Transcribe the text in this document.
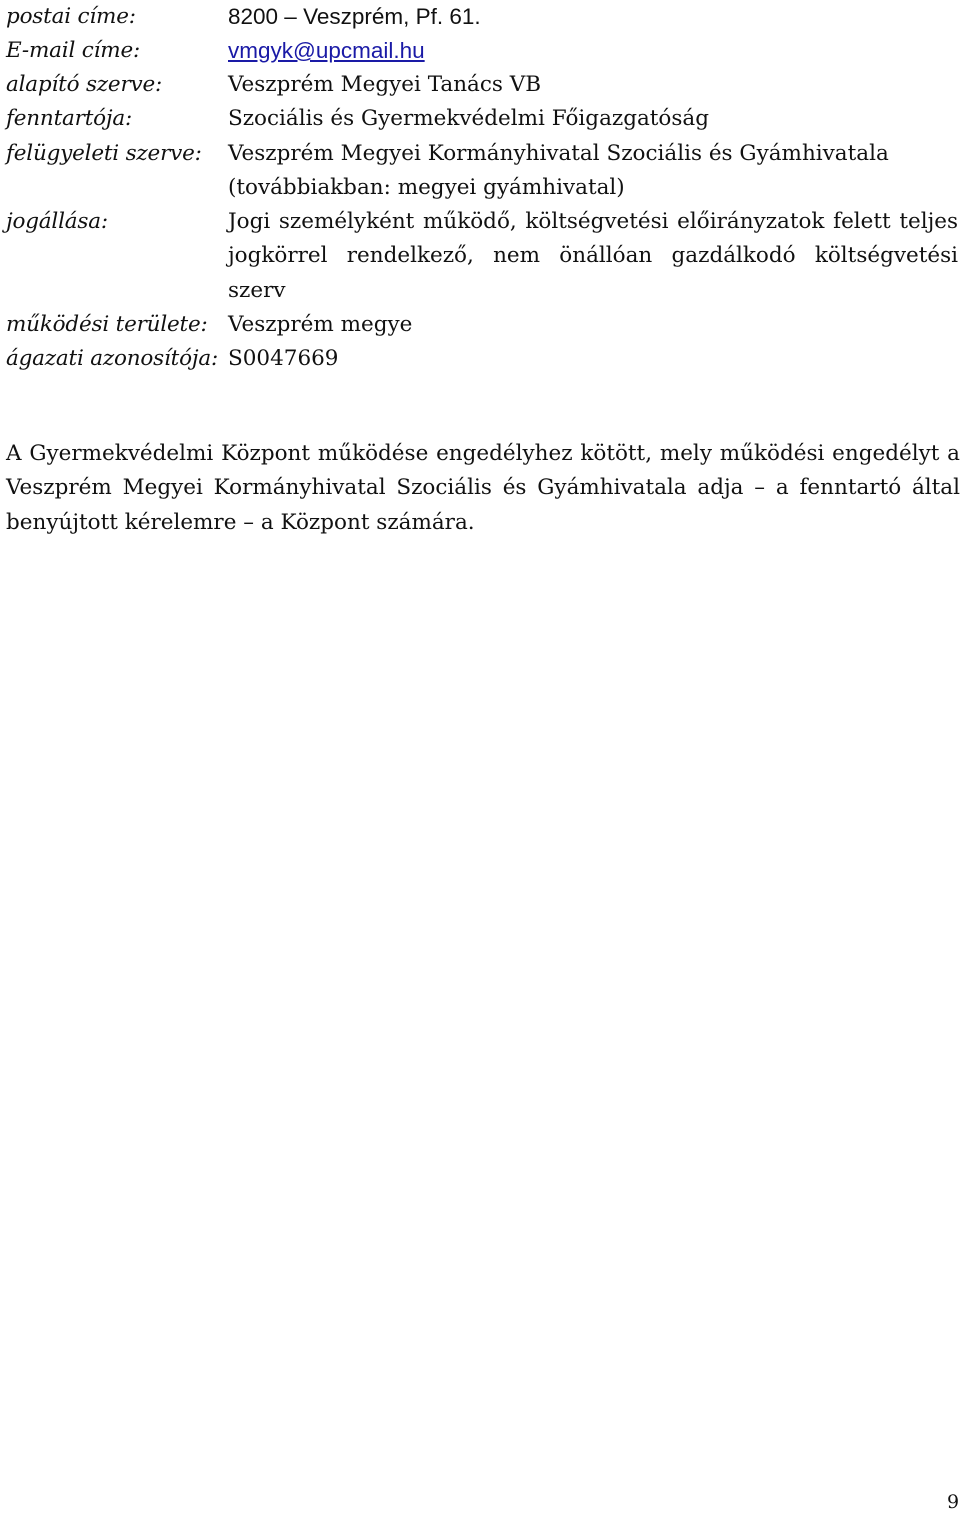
postai címe:	8200 – Veszprém, Pf. 61.
E-mail címe:	vmgyk@upcmail.hu
alapító szerve:	Veszprém Megyei Tanács VB
fenntartója:	Szociális és Gyermekvédelmi Főigazgatóság
felügyeleti szerve:	Veszprém Megyei Kormányhivatal Szociális és Gyámhivatala (továbbiakban: megyei gyámhivatal)
jogállása:	Jogi személyként működő, költségvetési előirányzatok felett teljes jogkörrel rendelkező, nem önállóan gazdálkodó költségvetési szerv
működési területe: Veszprém megye
ágazati azonosítója: S0047669

A Gyermekvédelmi Központ működése engedélyhez kötött, mely működési engedélyt a Veszprém Megyei Kormányhivatal Szociális és Gyámhivatala adja – a fenntartó által benyújtott kérelemre – a Központ számára.

9
